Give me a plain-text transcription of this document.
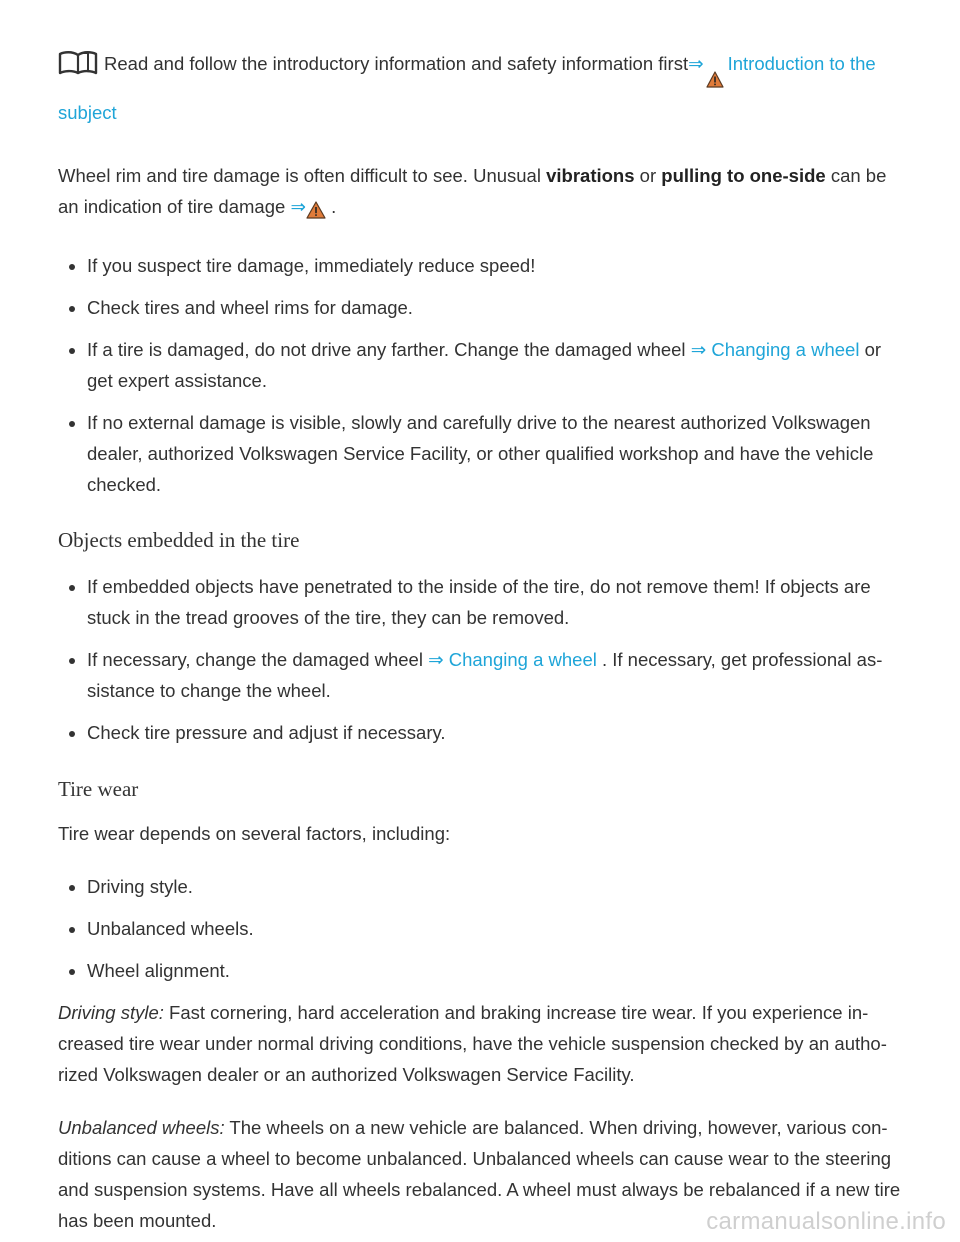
Read and follow the introductory information and safety information first⇒ Introduction to the
subject

Wheel rim and tire damage is often difficult to see. Unusual vibrations or pulling to one-side can be an indication of tire damage ⇒ .

If you suspect tire damage, immediately reduce speed!
Check tires and wheel rims for damage.
If a tire is damaged, do not drive any farther. Change the damaged wheel ⇒ Changing a wheel or get expert assistance.
If no external damage is visible, slowly and carefully drive to the nearest authorized Volkswagen dealer, authorized Volkswagen Service Facility, or other qualified workshop and have the vehicle checked.
Objects embedded in the tire
If embedded objects have penetrated to the inside of the tire, do not remove them! If objects are stuck in the tread grooves of the tire, they can be removed.
If necessary, change the damaged wheel ⇒ Changing a wheel . If necessary, get professional assistance to change the wheel.
Check tire pressure and adjust if necessary.
Tire wear

Tire wear depends on several factors, including:

Driving style.
Unbalanced wheels.
Wheel alignment.

Driving style: Fast cornering, hard acceleration and braking increase tire wear. If you experience increased tire wear under normal driving conditions, have the vehicle suspension checked by an authorized Volkswagen dealer or an authorized Volkswagen Service Facility.

Unbalanced wheels: The wheels on a new vehicle are balanced. When driving, however, various conditions can cause a wheel to become unbalanced. Unbalanced wheels can cause wear to the steering and suspension systems. Have all wheels rebalanced. A wheel must always be rebalanced if a new tire has been mounted.	carmanualsonline.info
